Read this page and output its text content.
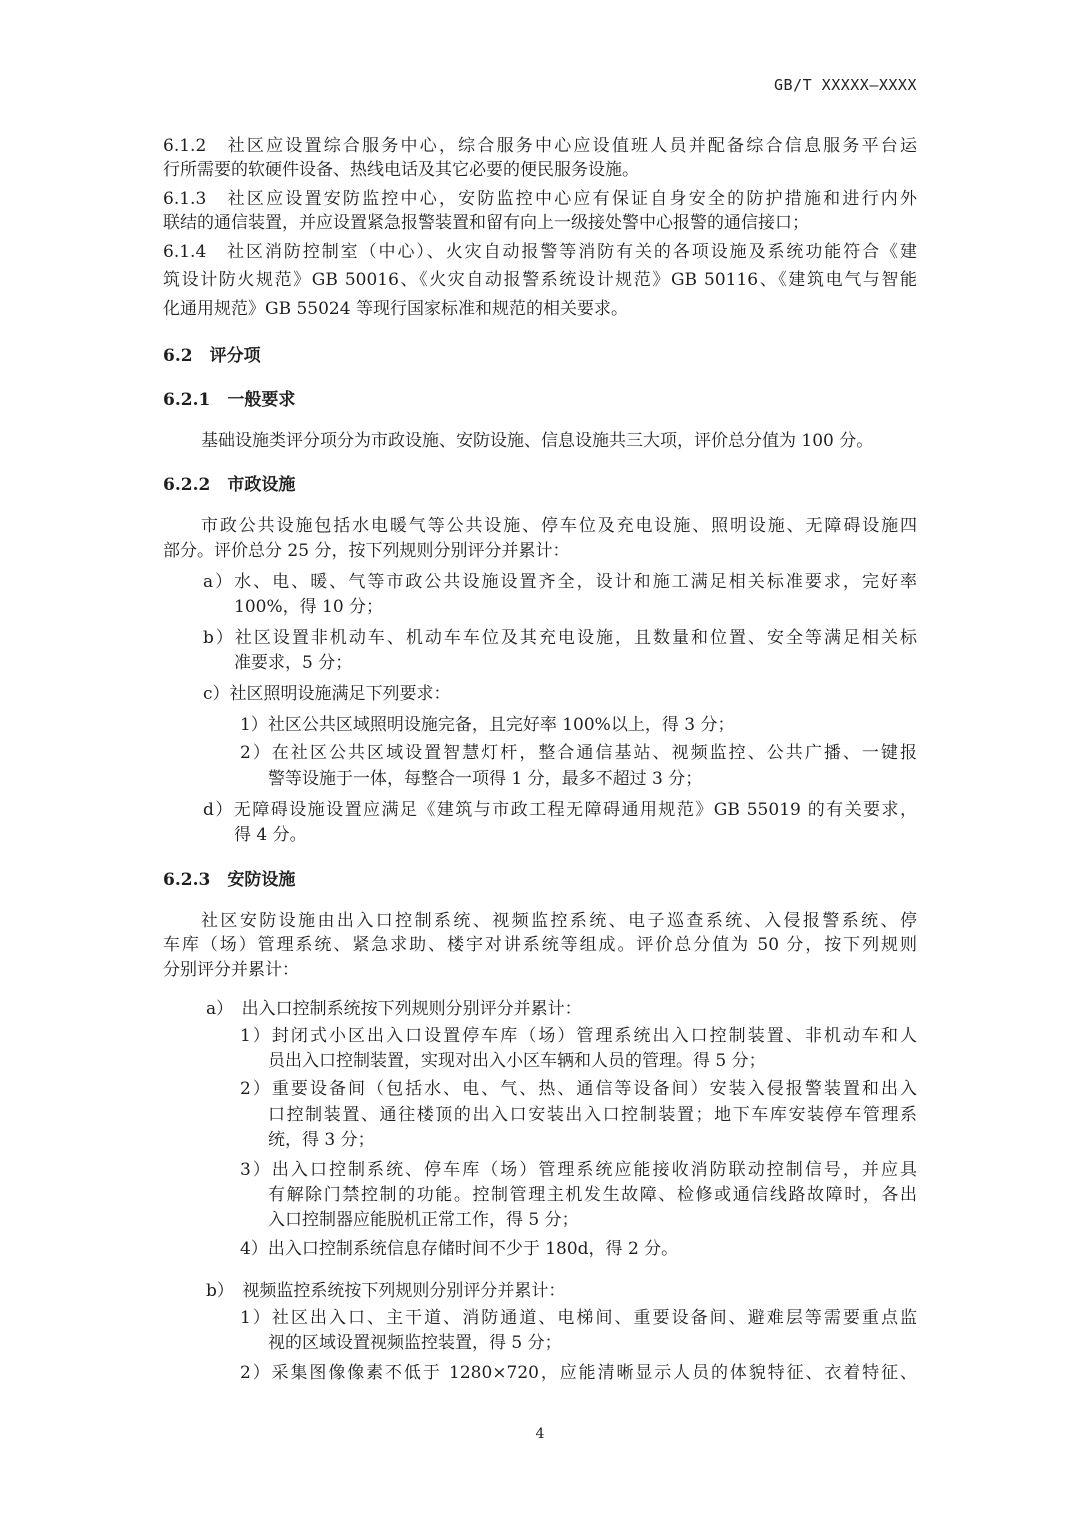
GB/T XXXXX—XXXX
6.1.2　社区应设置综合服务中心，综合服务中心应设值班人员并配备综合信息服务平台运
行所需要的软硬件设备、热线电话及其它必要的便民服务设施。
6.1.3　社区应设置安防监控中心，安防监控中心应有保证自身安全的防护措施和进行内外
联结的通信装置，并应设置紧急报警装置和留有向上一级接处警中心报警的通信接口；
6.1.4　社区消防控制室（中心）、火灾自动报警等消防有关的各项设施及系统功能符合《建
筑设计防火规范》GB 50016、《火灾自动报警系统设计规范》GB 50116、《建筑电气与智能
化通用规范》GB 55024 等现行国家标准和规范的相关要求。
6.2　评分项
6.2.1　一般要求
基础设施类评分项分为市政设施、安防设施、信息设施共三大项，评价总分值为 100 分。
6.2.2　市政设施
市政公共设施包括水电暖气等公共设施、停车位及充电设施、照明设施、无障碍设施四
部分。评价总分 25 分，按下列规则分别评分并累计：
a）水、电、暖、气等市政公共设施设置齐全，设计和施工满足相关标准要求，完好率
100%，得 10 分；
b）社区设置非机动车、机动车车位及其充电设施，且数量和位置、安全等满足相关标
准要求，5 分；
c）社区照明设施满足下列要求：
1）社区公共区域照明设施完备，且完好率 100%以上，得 3 分；
2）在社区公共区域设置智慧灯杆，整合通信基站、视频监控、公共广播、一键报
警等设施于一体，每整合一项得 1 分，最多不超过 3 分；
d）无障碍设施设置应满足《建筑与市政工程无障碍通用规范》GB 55019 的有关要求，
得 4 分。
6.2.3　安防设施
社区安防设施由出入口控制系统、视频监控系统、电子巡查系统、入侵报警系统、停
车库（场）管理系统、紧急求助、楼宇对讲系统等组成。评价总分值为 50 分，按下列规则
分别评分并累计：
a）　出入口控制系统按下列规则分别评分并累计：
1）封闭式小区出入口设置停车库（场）管理系统出入口控制装置、非机动车和人
员出入口控制装置，实现对出入小区车辆和人员的管理。得 5 分；
2）重要设备间（包括水、电、气、热、通信等设备间）安装入侵报警装置和出入
口控制装置、通往楼顶的出入口安装出入口控制装置；地下车库安装停车管理系
统，得 3 分；
3）出入口控制系统、停车库（场）管理系统应能接收消防联动控制信号，并应具
有解除门禁控制的功能。控制管理主机发生故障、检修或通信线路故障时，各出
入口控制器应能脱机正常工作，得 5 分；
4）出入口控制系统信息存储时间不少于 180d，得 2 分。
b）　视频监控系统按下列规则分别评分并累计：
1）社区出入口、主干道、消防通道、电梯间、重要设备间、避难层等需要重点监
视的区域设置视频监控装置，得 5 分；
2）采集图像像素不低于 1280×720，应能清晰显示人员的体貌特征、衣着特征、
4
